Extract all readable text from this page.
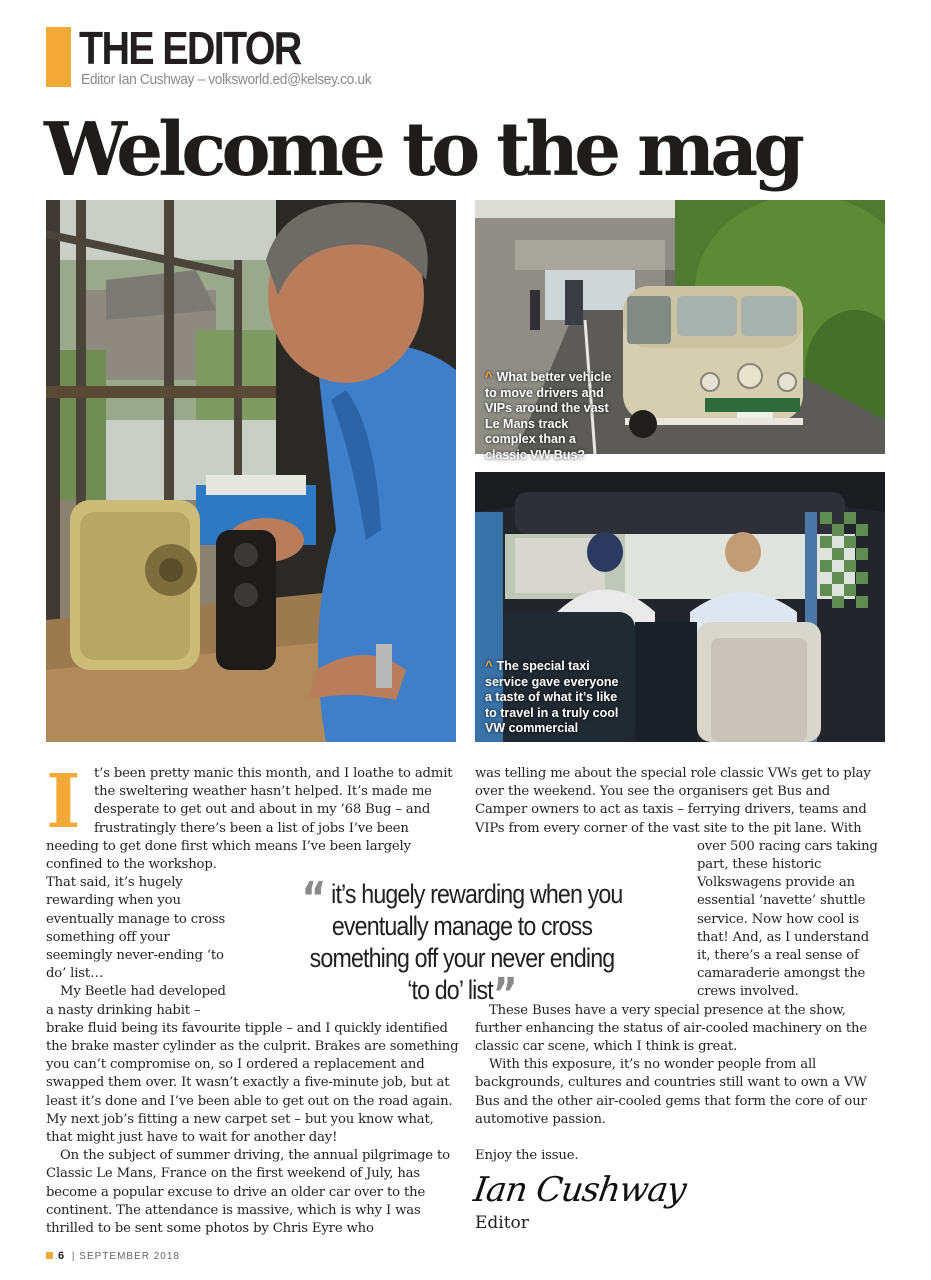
THE EDITOR
Editor Ian Cushway – volksworld.ed@kelsey.co.uk
Welcome to the mag
^ What better vehicle to move drivers and VIPs around the vast Le Mans track complex than a classic VW Bus?
^ The special taxi service gave everyone a taste of what it’s like to travel in a truly cool VW commercial
I	t’s been pretty manic this month, and I loathe to admit the sweltering weather hasn’t helped. It’s made me desperate to get out and about in my ’68 Bug – and frustratingly there’s been a list of jobs I’ve been needing to get done first which means I’ve been largely confined to the workshop. That said, it’s hugely rewarding when you eventually manage to cross something off your seemingly never-ending ‘to do’ list…

My Beetle had developed a nasty drinking habit – brake fluid being its favourite tipple – and I quickly identified the brake master cylinder as the culprit. Brakes are something you can’t compromise on, so I ordered a replacement and swapped them over. It wasn’t exactly a five-minute job, but at least it’s done and I’ve been able to get out on the road again. My next job’s fitting a new carpet set – but you know what, that might just have to wait for another day!

On the subject of summer driving, the annual pilgrimage to Classic Le Mans, France on the first weekend of July, has become a popular excuse to drive an older car over to the continent. The attendance is massive, which is why I was thrilled to be sent some photos by Chris Eyre who

was telling me about the special role classic VWs get to play over the weekend. You see the organisers get Bus and Camper owners to act as taxis – ferrying drivers, teams and VIPs from every corner of the vast site to the pit lane. With over 500 racing cars taking part, these historic Volkswagens provide an essential ‘navette’ shuttle service. Now how cool is that! And, as I understand it, there’s a real sense of camaraderie amongst the crews involved.

These Buses have a very special presence at the show, further enhancing the status of air-cooled machinery on the classic car scene, which I think is great.

With this exposure, it’s no wonder people from all backgrounds, cultures and countries still want to own a VW Bus and the other air-cooled gems that form the core of our automotive passion.

Enjoy the issue.

“ it’s hugely rewarding when you eventually manage to cross something off your never ending ‘to do’ list”
Ian Cushway
Editor
6 | SEPTEMBER 2018
